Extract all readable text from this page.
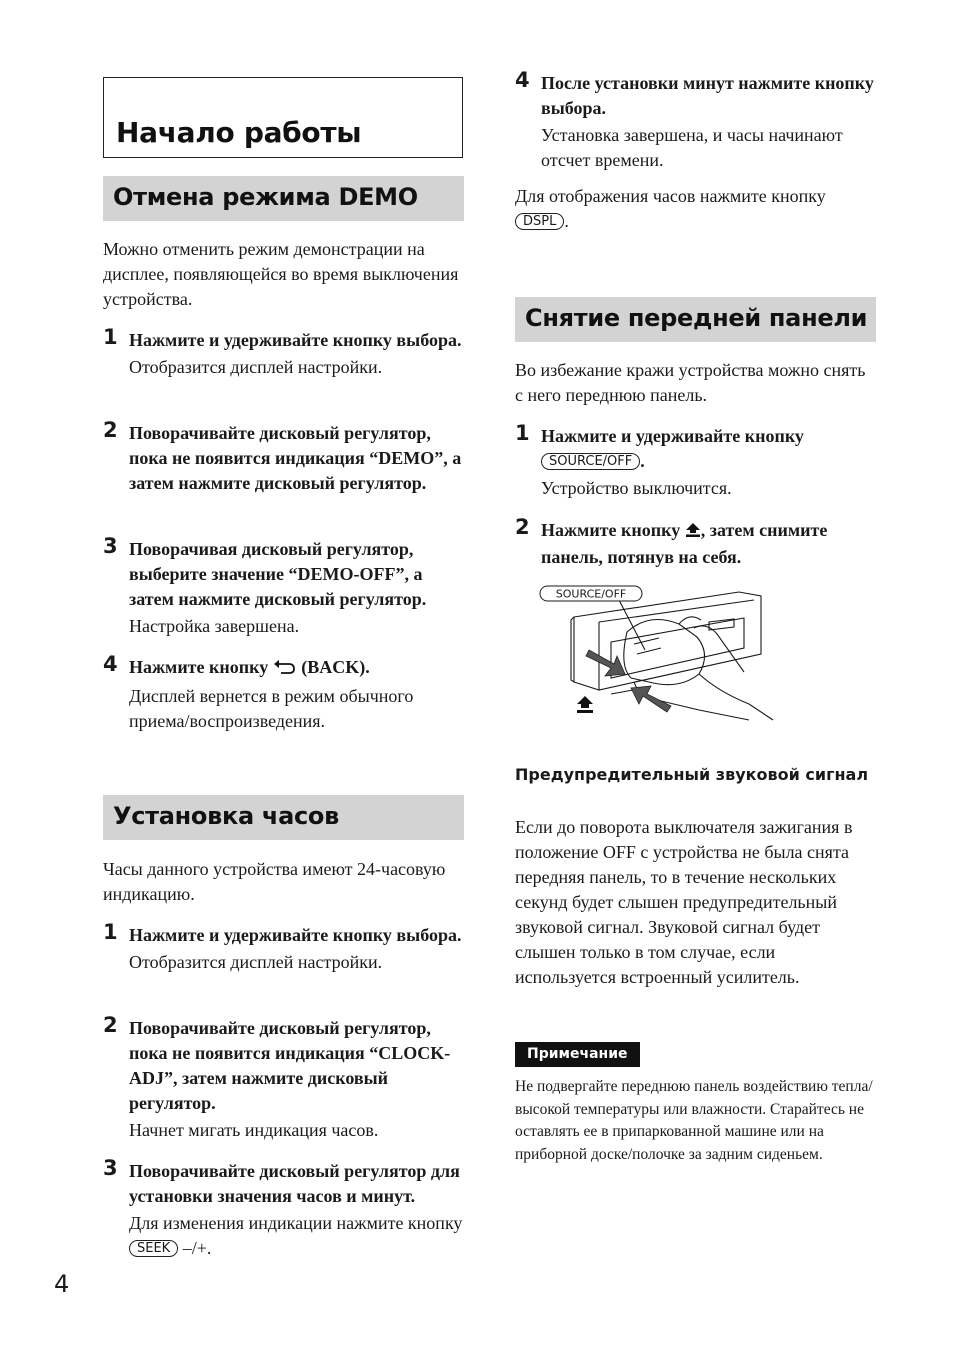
Начало работы
Отмена режима DEMO

Можно отменить режим демонстрации на дисплее, появляющейся во время выключения устройства.

1 Нажмите и удерживайте кнопку выбора.

Отобразится дисплей настройки.

2 Поворачивайте дисковый регулятор, пока не появится индикация “DEMO”, а затем нажмите дисковый регулятор.

3 Поворачивая дисковый регулятор, выберите значение “DEMO-OFF”, а затем нажмите дисковый регулятор.

Настройка завершена.

4 Нажмите кнопку (BACK).

Дисплей вернется в режим обычного приема/воспроизведения.

Установка часов

Часы данного устройства имеют 24-часовую индикацию.

1 Нажмите и удерживайте кнопку выбора.

Отобразится дисплей настройки.

2 Поворачивайте дисковый регулятор, пока не появится индикация “CLOCK-ADJ”, затем нажмите дисковый регулятор.

Начнет мигать индикация часов.

3 Поворачивайте дисковый регулятор для установки значения часов и минут.

Для изменения индикации нажмите кнопку SEEK –/+.

4 После установки минут нажмите кнопку выбора.

Установка завершена, и часы начинают отсчет времени.

Для отображения часов нажмите кнопку DSPL .

Снятие передней панели

Во избежание кражи устройства можно снять с него переднюю панель.

1 Нажмите и удерживайте кнопку
SOURCE/OFF .

Устройство выключится.

2 Нажмите кнопку , затем снимите панель, потянув на себя.

SOURCE/OFF

Предупредительный звуковой сигнал

Если до поворота выключателя зажигания в положение OFF с устройства не была снята передняя панель, то в течение нескольких секунд будет слышен предупредительный звуковой сигнал. Звуковой сигнал будет слышен только в том случае, если используется встроенный усилитель.

Примечание

Не подвергайте переднюю панель воздействию тепла/высокой температуры или влажности. Старайтесь не оставлять ее в припаркованной машине или на приборной доске/полочке за задним сиденьем.

4
